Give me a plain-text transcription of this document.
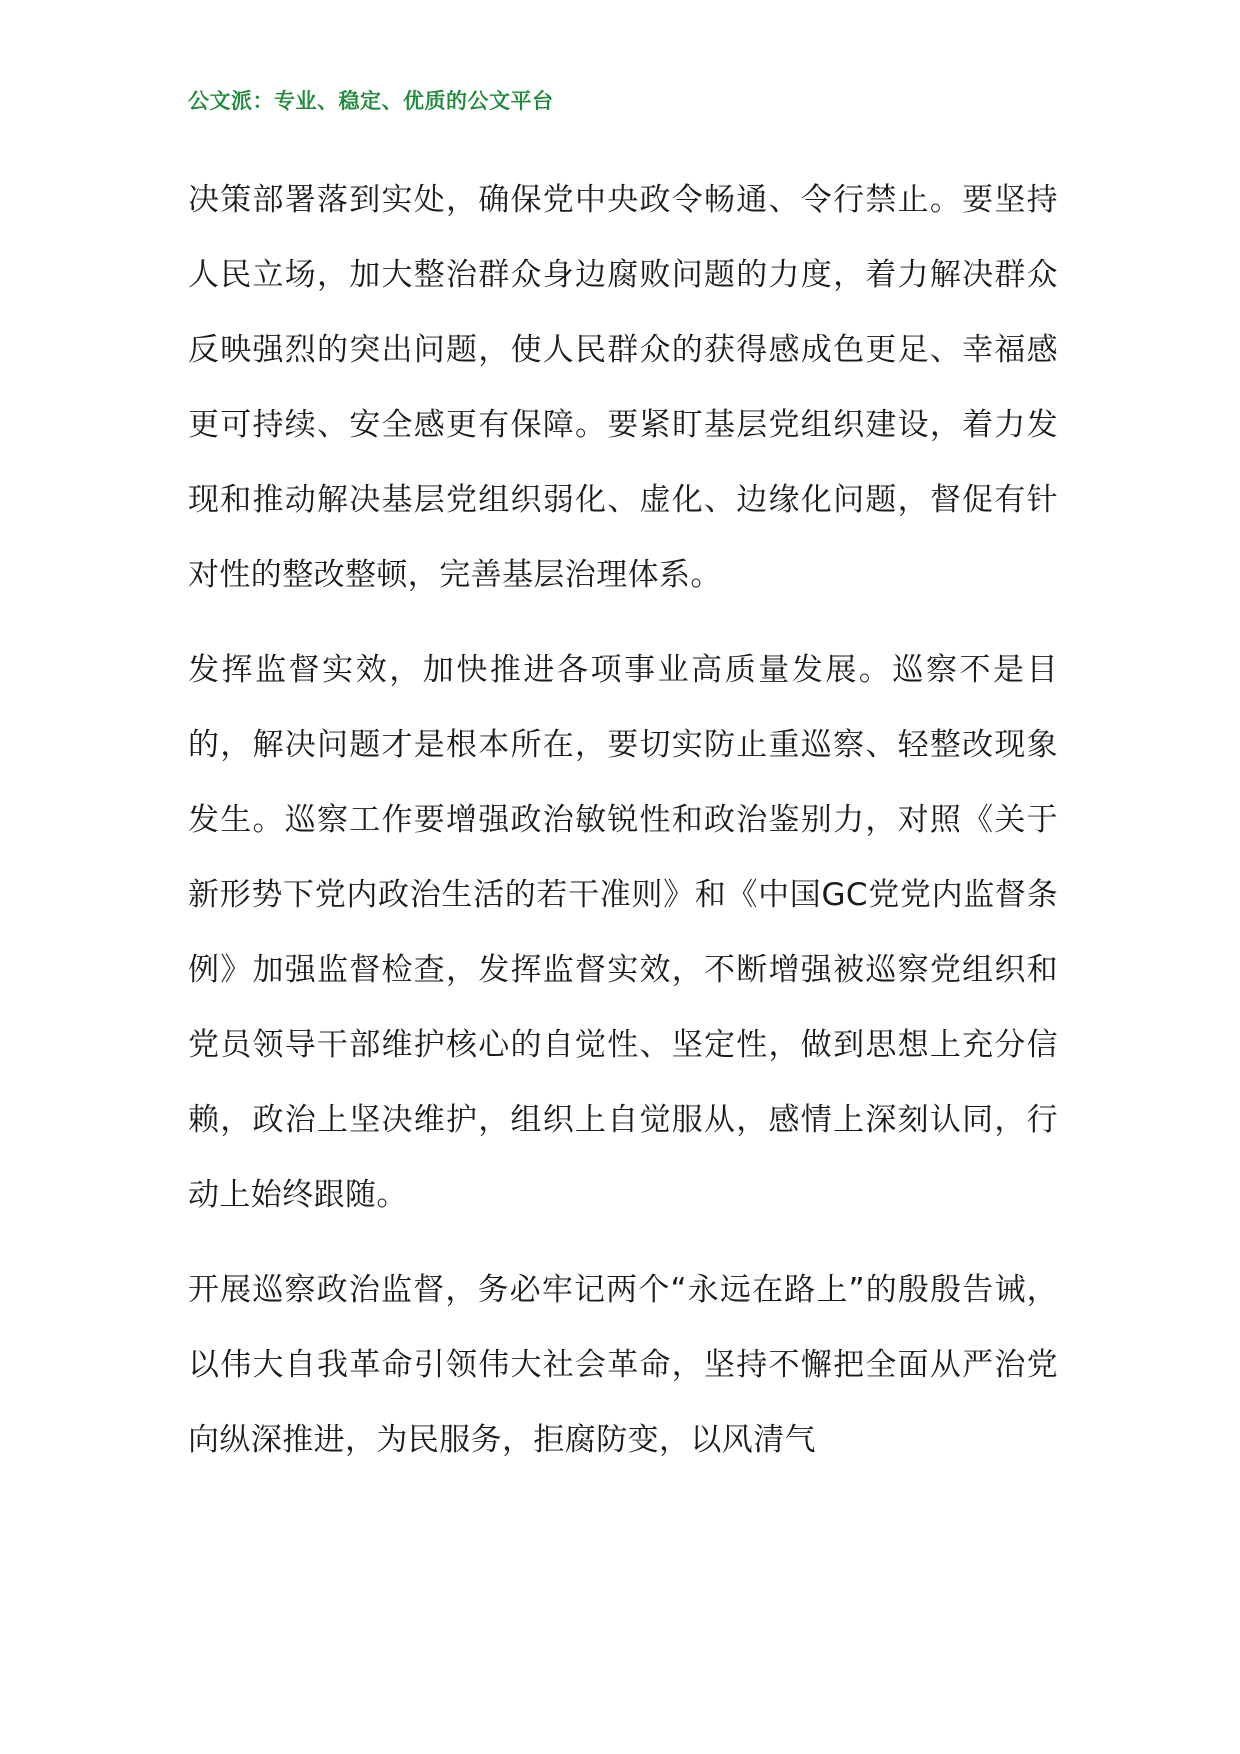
公文派：专业、稳定、优质的公文平台

决策部署落到实处，确保党中央政令畅通、令行禁止。要坚持人民立场，加大整治群众身边腐败问题的力度，着力解决群众反映强烈的突出问题，使人民群众的获得感成色更足、幸福感更可持续、安全感更有保障。要紧盯基层党组织建设，着力发现和推动解决基层党组织弱化、虚化、边缘化问题，督促有针对性的整改整顿，完善基层治理体系。

发挥监督实效，加快推进各项事业高质量发展。巡察不是目的，解决问题才是根本所在，要切实防止重巡察、轻整改现象发生。巡察工作要增强政治敏锐性和政治鉴别力，对照《关于新形势下党内政治生活的若干准则》和《中国GC党党内监督条例》加强监督检查，发挥监督实效，不断增强被巡察党组织和党员领导干部维护核心的自觉性、坚定性，做到思想上充分信赖，政治上坚决维护，组织上自觉服从，感情上深刻认同，行动上始终跟随。

开展巡察政治监督，务必牢记两个“永远在路上”的殷殷告诫，以伟大自我革命引领伟大社会革命，坚持不懈把全面从严治党向纵深推进，为民服务，拒腐防变，以风清气
